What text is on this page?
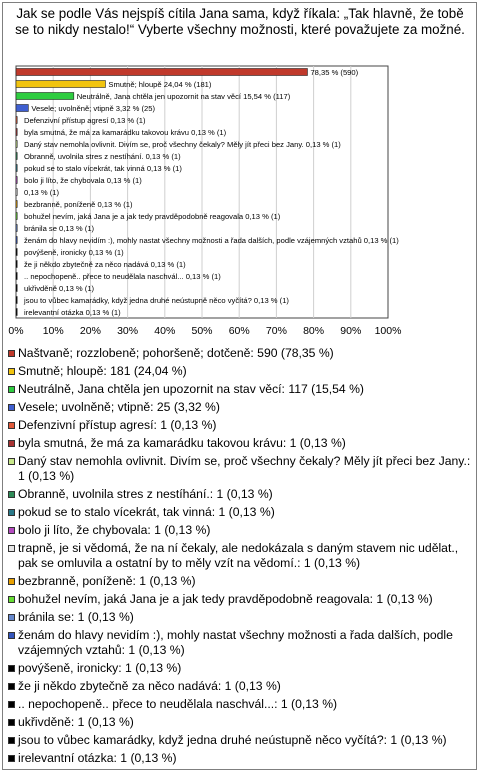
Jak se podle Vás nejspíš cítila Jana sama, když říkala: „Tak hlavně, že tobě se to nikdy nestalo!“ Vyberte všechny možnosti, které považujete za možné.
0% 10% 20% 30% 40% 50% 60% 70% 80% 90% 100%
78,35 % (590)
Smutně; hloupě 24,04 % (181)
Neutrálně, Jana chtěla jen upozornit na stav věcí 15,54 % (117)
Vesele; uvolněně; vtipně 3,32 % (25)
Defenzivní přístup agresí 0,13 % (1)
byla smutná, že má za kamarádku takovou krávu 0,13 % (1)
Daný stav nemohla ovlivnit. Divím se, proč všechny čekaly? Měly jít přeci bez Jany. 0,13 % (1)
Obranně, uvolnila stres z nestíhání. 0,13 % (1)
pokud se to stalo vícekrát, tak vinná 0,13 % (1)
bolo ji líto, že chybovala 0,13 % (1)
0,13 % (1)
bezbranně, poníženě 0,13 % (1)
bohužel nevím, jaká Jana je a jak tedy pravděpodobně reagovala 0,13 % (1)
bránila se 0,13 % (1)
ženám do hlavy nevidím :), mohly nastat všechny možnosti a řada dalších, podle vzájemných vztahů 0,13 % (1)
povýšeně, ironicky 0,13 % (1)
že ji někdo zbytečně za něco nadává 0,13 % (1)
.. nepochopeně.. přece to neudělala naschvál... 0,13 % (1)
ukřivděně 0,13 % (1)
jsou to vůbec kamarádky, když jedna druhé neústupně něco vyčítá? 0,13 % (1)
irelevantní otázka 0,13 % (1)
Naštvaně; rozzlobeně; pohoršeně; dotčeně: 590 (78,35 %)
Smutně; hloupě: 181 (24,04 %)
Neutrálně, Jana chtěla jen upozornit na stav věcí: 117 (15,54 %)
Vesele; uvolněně; vtipně: 25 (3,32 %)
Defenzivní přístup agresí: 1 (0,13 %)
byla smutná, že má za kamarádku takovou krávu: 1 (0,13 %)
Daný stav nemohla ovlivnit. Divím se, proč všechny čekaly? Měly jít přeci bez Jany.: 1 (0,13 %)
Obranně, uvolnila stres z nestíhání.: 1 (0,13 %)
pokud se to stalo vícekrát, tak vinná: 1 (0,13 %)
bolo ji líto, že chybovala: 1 (0,13 %)
trapně, je si vědomá, že na ní čekaly, ale nedokázala s daným stavem nic udělat., pak se omluvila a ostatní by to měly vzít na vědomí.: 1 (0,13 %)
bezbranně, poníženě: 1 (0,13 %)
bohužel nevím, jaká Jana je a jak tedy pravděpodobně reagovala: 1 (0,13 %)
bránila se: 1 (0,13 %)
ženám do hlavy nevidím :), mohly nastat všechny možnosti a řada dalších, podle vzájemných vztahů: 1 (0,13 %)
povýšeně, ironicky: 1 (0,13 %)
že ji někdo zbytečně za něco nadává: 1 (0,13 %)
.. nepochopeně.. přece to neudělala naschvál...: 1 (0,13 %)
ukřivděně: 1 (0,13 %)
jsou to vůbec kamarádky, když jedna druhé neústupně něco vyčítá?: 1 (0,13 %)
irelevantní otázka: 1 (0,13 %)
